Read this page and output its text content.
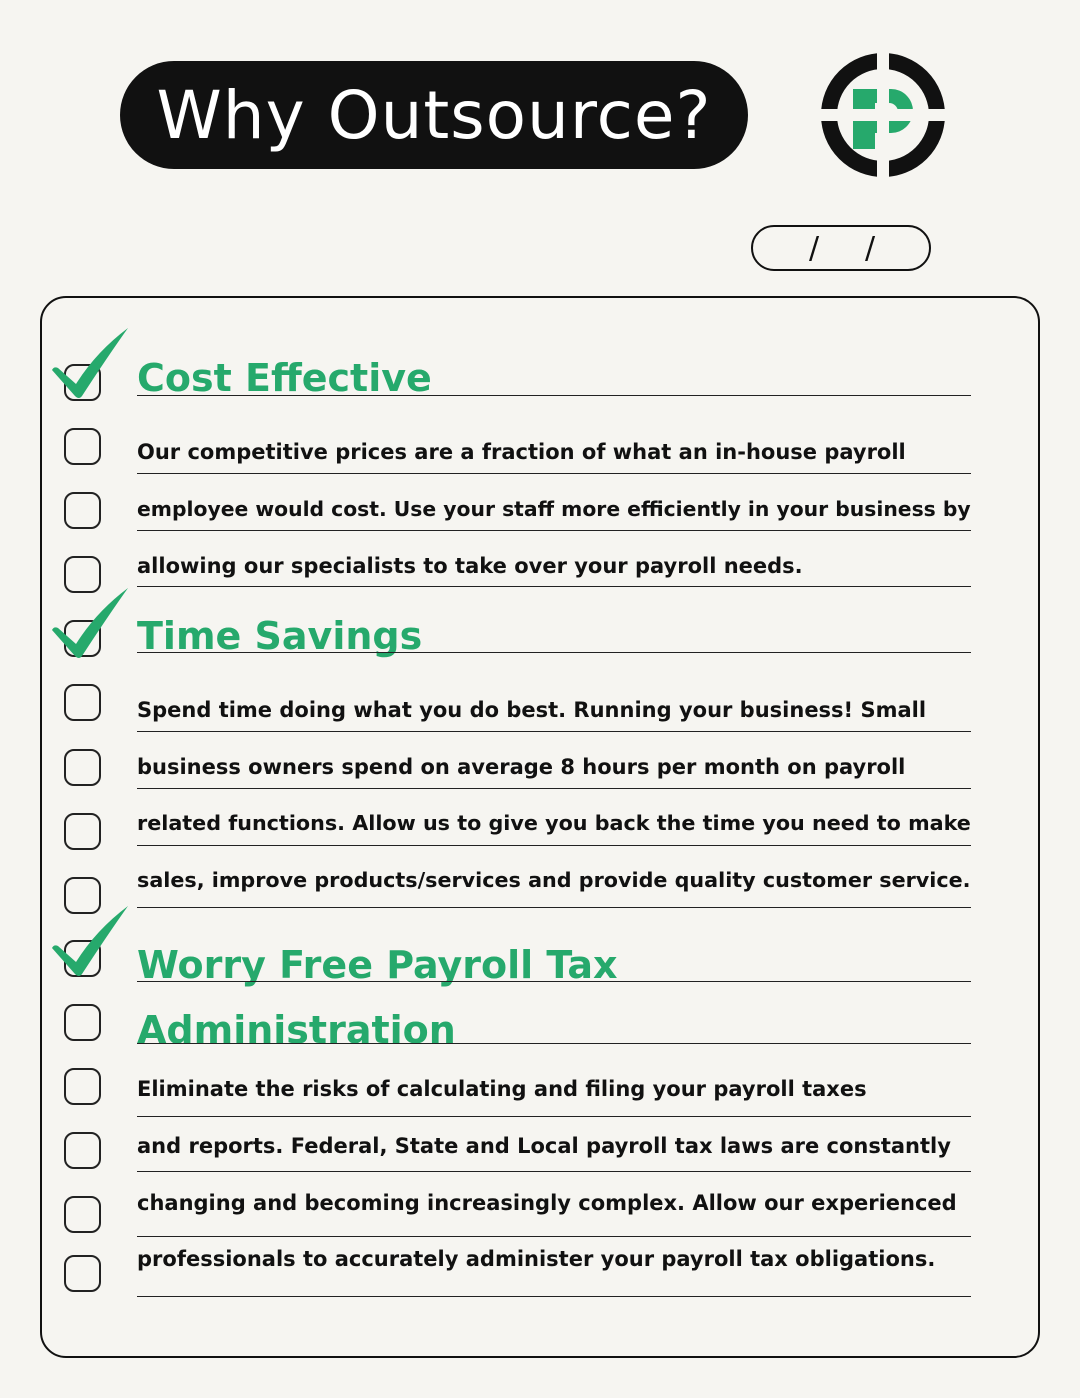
Why Outsource?
/ /
Cost Effective
Our competitive prices are a fraction of what an in-house payroll
employee would cost. Use your staff more efficiently in your business by
allowing our specialists to take over your payroll needs.
Time Savings
Spend time doing what you do best. Running your business! Small
business owners spend on average 8 hours per month on payroll
related functions. Allow us to give you back the time you need to make
sales, improve products/services and provide quality customer service.
Worry Free Payroll Tax
Administration
Eliminate the risks of calculating and filing your payroll taxes
and reports. Federal, State and Local payroll tax laws are constantly
changing and becoming increasingly complex. Allow our experienced
professionals to accurately administer your payroll tax obligations.
